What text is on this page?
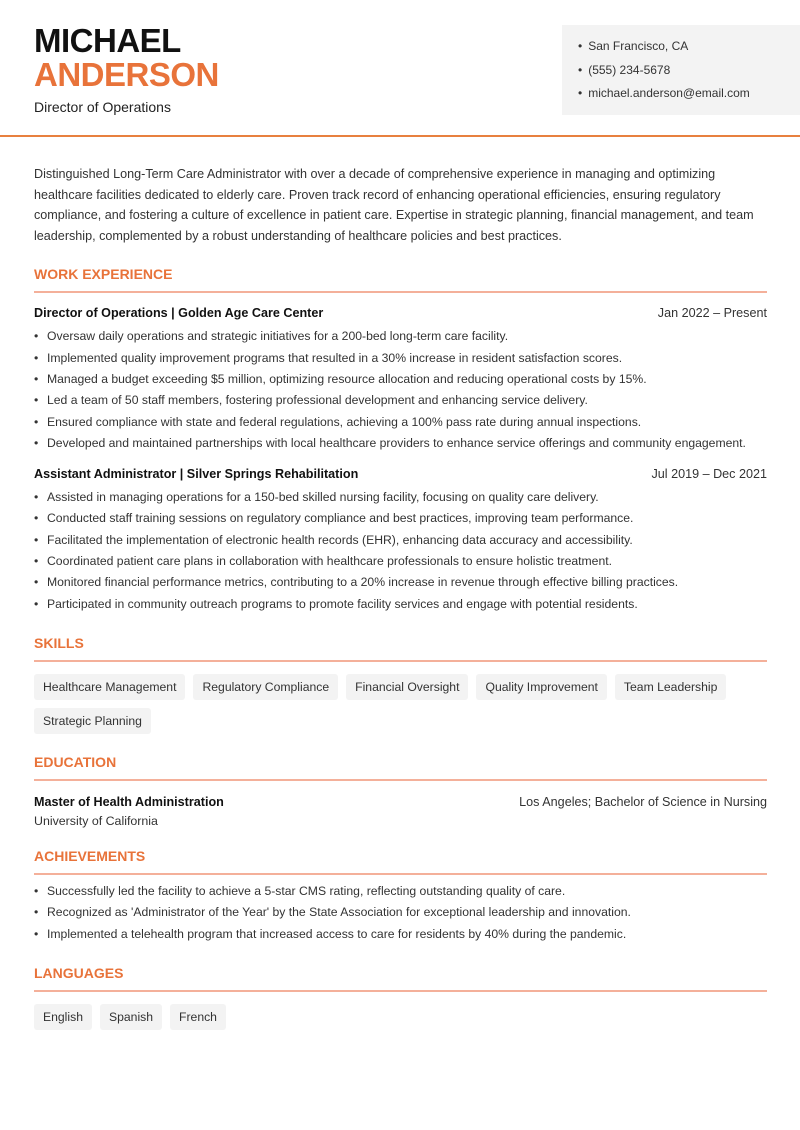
MICHAEL
ANDERSON
Director of Operations
• San Francisco, CA
• (555) 234-5678
• michael.anderson@email.com

Distinguished Long-Term Care Administrator with over a decade of comprehensive experience in managing and optimizing healthcare facilities dedicated to elderly care. Proven track record of enhancing operational efficiencies, ensuring regulatory compliance, and fostering a culture of excellence in patient care. Expertise in strategic planning, financial management, and team leadership, complemented by a robust understanding of healthcare policies and best practices.

WORK EXPERIENCE
Director of Operations | Golden Age Care Center	Jan 2022 – Present
• Oversaw daily operations and strategic initiatives for a 200-bed long-term care facility.
• Implemented quality improvement programs that resulted in a 30% increase in resident satisfaction scores.
• Managed a budget exceeding $5 million, optimizing resource allocation and reducing operational costs by 15%.
• Led a team of 50 staff members, fostering professional development and enhancing service delivery.
• Ensured compliance with state and federal regulations, achieving a 100% pass rate during annual inspections.
• Developed and maintained partnerships with local healthcare providers to enhance service offerings and community engagement.
Assistant Administrator | Silver Springs Rehabilitation	Jul 2019 – Dec 2021
• Assisted in managing operations for a 150-bed skilled nursing facility, focusing on quality care delivery.
• Conducted staff training sessions on regulatory compliance and best practices, improving team performance.
• Facilitated the implementation of electronic health records (EHR), enhancing data accuracy and accessibility.
• Coordinated patient care plans in collaboration with healthcare professionals to ensure holistic treatment.
• Monitored financial performance metrics, contributing to a 20% increase in revenue through effective billing practices.
• Participated in community outreach programs to promote facility services and engage with potential residents.
SKILLS
Healthcare Management	Regulatory Compliance	Financial Oversight	Quality Improvement	Team Leadership
Strategic Planning
EDUCATION
Master of Health Administration	Los Angeles; Bachelor of Science in Nursing
University of California
ACHIEVEMENTS
• Successfully led the facility to achieve a 5-star CMS rating, reflecting outstanding quality of care.
• Recognized as 'Administrator of the Year' by the State Association for exceptional leadership and innovation.
• Implemented a telehealth program that increased access to care for residents by 40% during the pandemic.
LANGUAGES
English	Spanish	French
